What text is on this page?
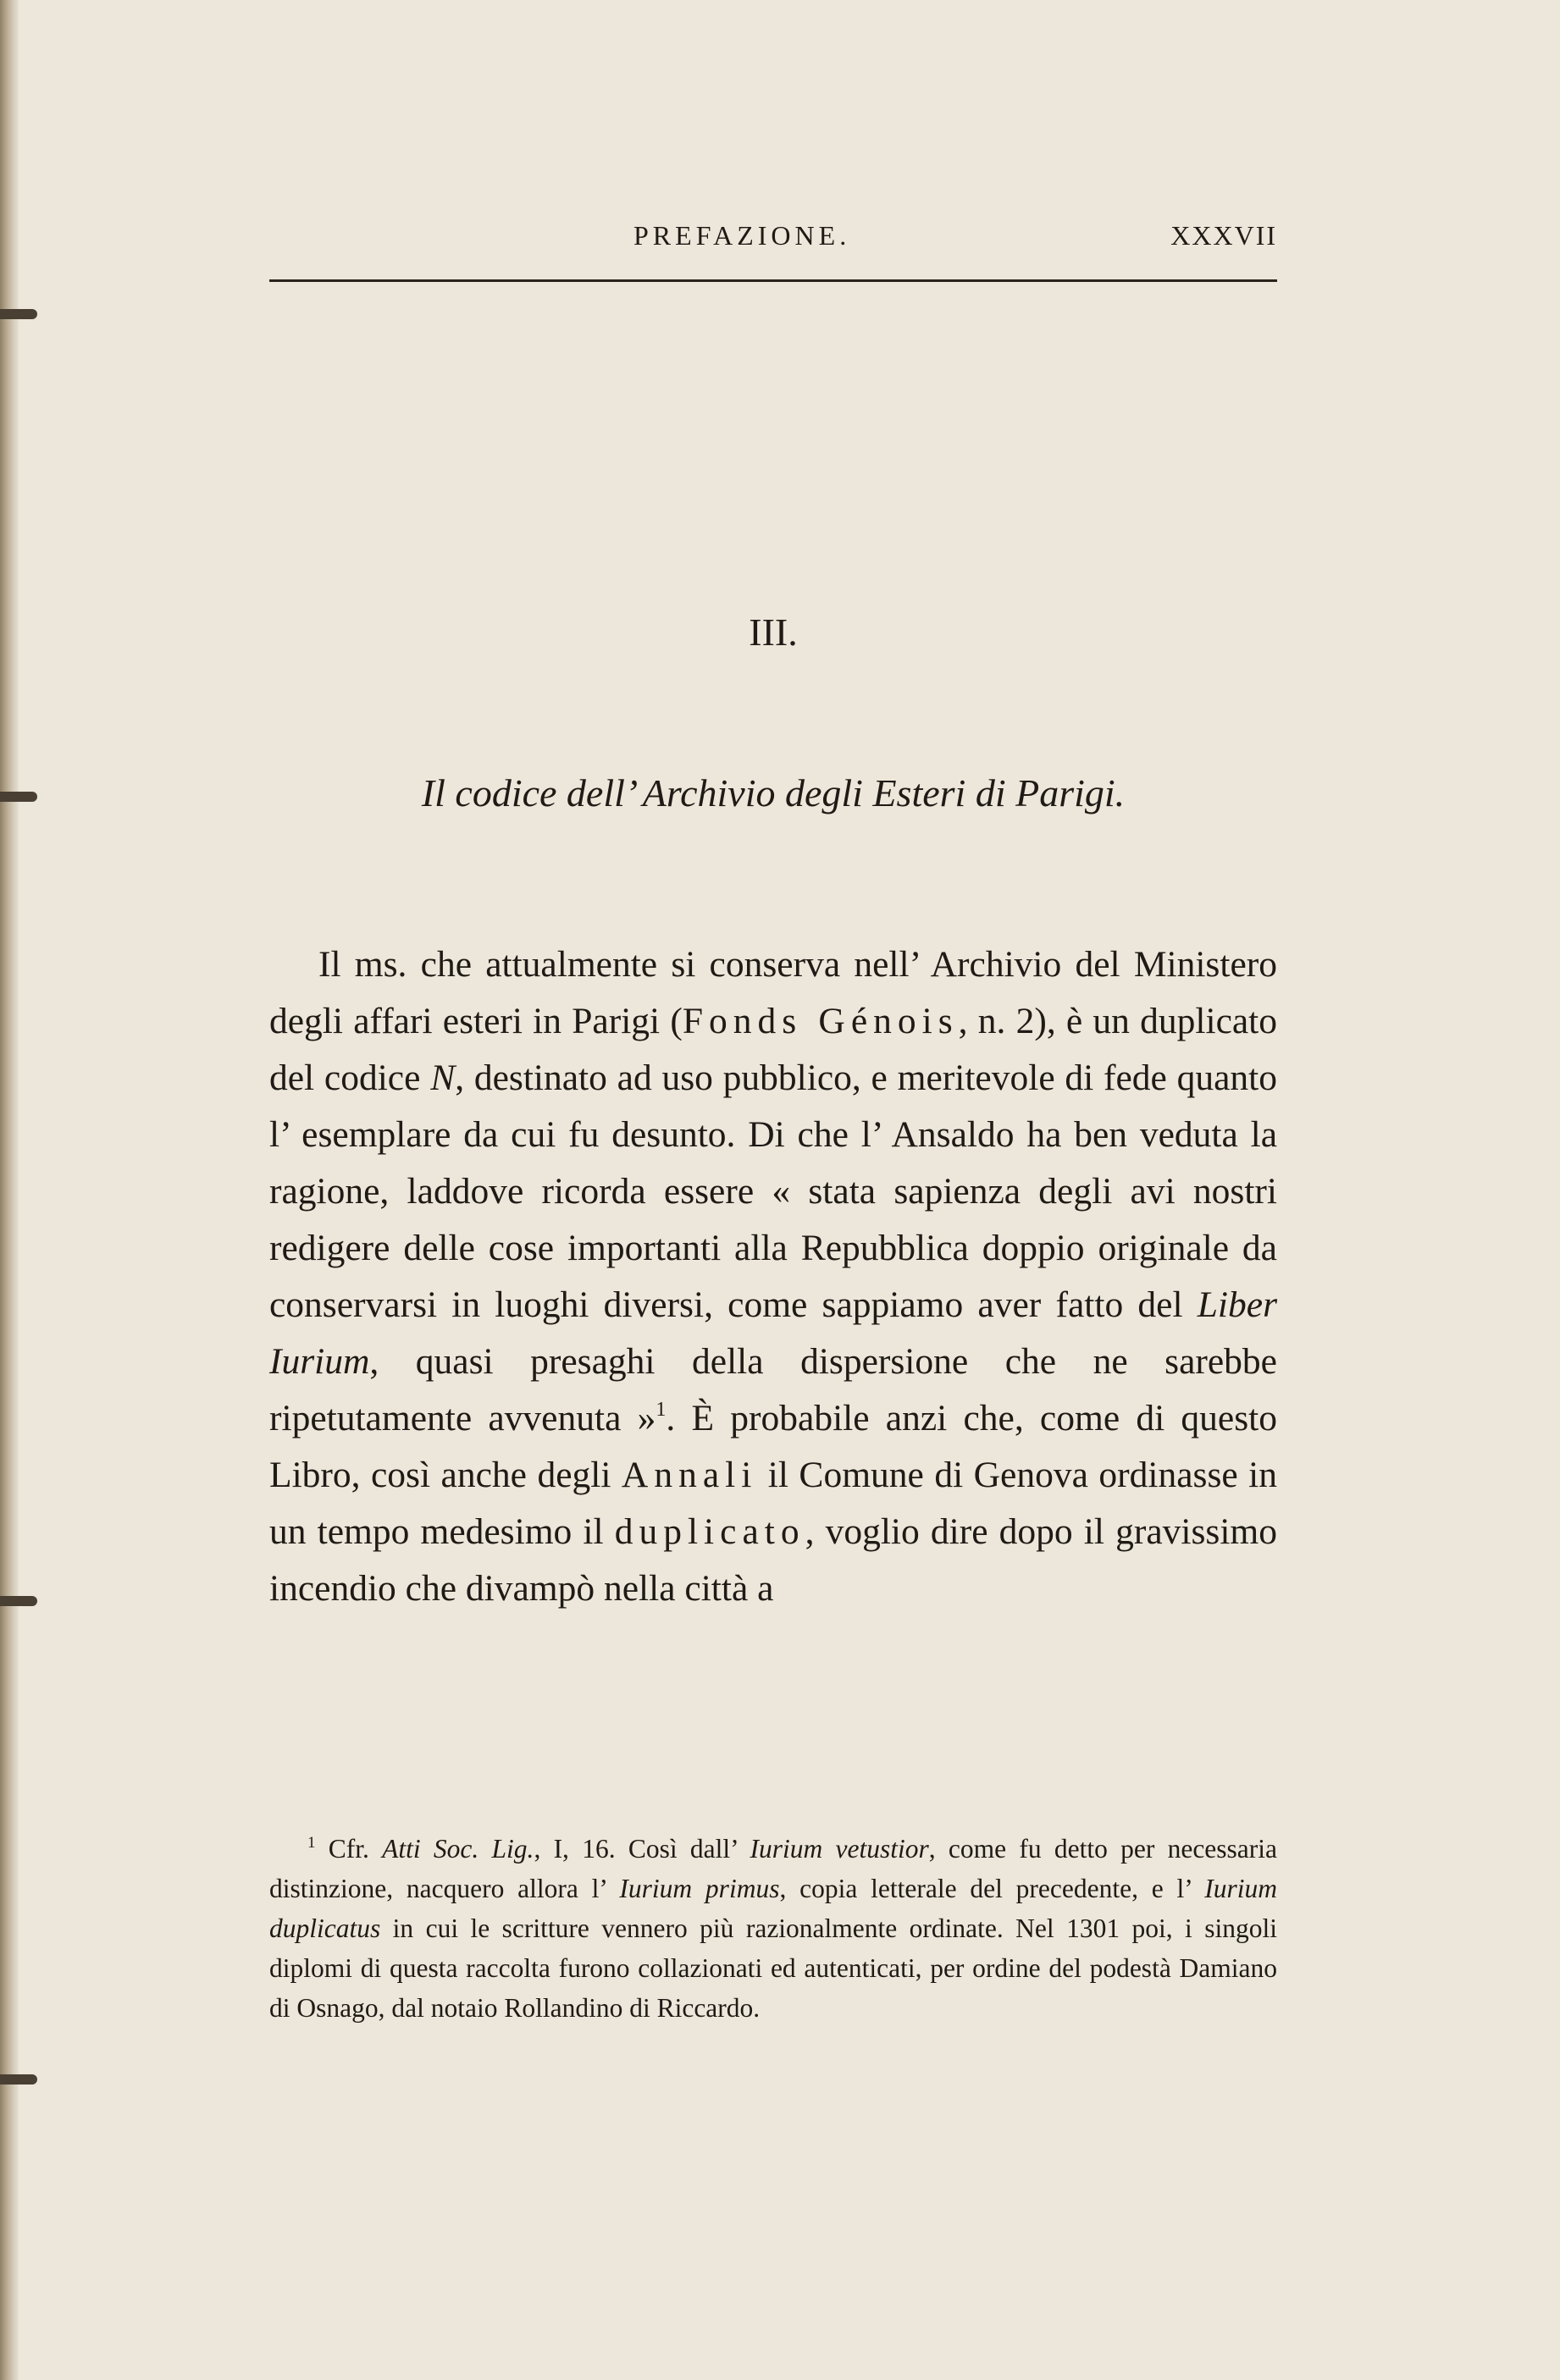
PREFAZIONE.	XXXVII
III.
Il codice dell’ Archivio degli Esteri di Parigi.

Il ms. che attualmente si conserva nell’ Archivio del Ministero degli affari esteri in Parigi (Fonds Génois, n. 2), è un duplicato del codice N, destinato ad uso pubblico, e meritevole di fede quanto l’ esemplare da cui fu desunto. Di che l’ Ansaldo ha ben veduta la ragione, laddove ricorda essere « stata sapienza degli avi nostri redigere delle cose importanti alla Repubblica doppio originale da conservarsi in luoghi diversi, come sappiamo aver fatto del Liber Iurium, quasi presaghi della dispersione che ne sarebbe ripetutamente avvenuta »$^1$. È probabile anzi che, come di questo Libro, così anche degli Annali il Comune di Genova ordinasse in un tempo medesimo il duplicato, voglio dire dopo il gravissimo incendio che divampò nella città a

$^1$ Cfr. Atti Soc. Lig., I, 16. Così dall’ Iurium vetustior, come fu detto per necessaria distinzione, nacquero allora l’ Iurium primus, copia letterale del precedente, e l’ Iurium duplicatus in cui le scritture vennero più razionalmente ordinate. Nel 1301 poi, i singoli diplomi di questa raccolta furono collazionati ed autenticati, per ordine del podestà Damiano di Osnago, dal notaio Rollandino di Riccardo.
